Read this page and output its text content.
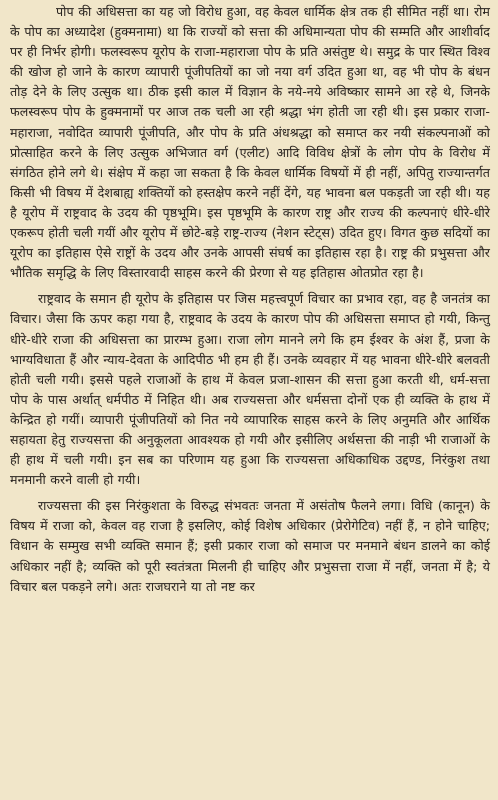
पोप की अधिसत्ता का यह जो विरोध हुआ, वह केवल धार्मिक क्षेत्र तक ही सीमित नहीं था। रोम के पोप का अध्यादेश (हुक्मनामा) था कि राज्यों को सत्ता की अधिमान्यता पोप की सम्मति और आशीर्वाद पर ही निर्भर होगी। फलस्वरूप यूरोप के राजा-महाराजा पोप के प्रति असंतुष्ट थे। समुद्र के पार स्थित विश्व की खोज हो जाने के कारण व्यापारी पूंजीपतियों का जो नया वर्ग उदित हुआ था, वह भी पोप के बंधन तोड़ देने के लिए उत्सुक था। ठीक इसी काल में विज्ञान के नये-नये अविष्कार सामने आ रहे थे, जिनके फलस्वरूप पोप के हुक्मनामों पर आज तक चली आ रही श्रद्धा भंग होती जा रही थी। इस प्रकार राजा-महाराजा, नवोदित व्यापारी पूंजीपति, और पोप के प्रति अंधश्रद्धा को समाप्त कर नयी संकल्पनाओं को प्रोत्साहित करने के लिए उत्सुक अभिजात वर्ग (एलीट) आदि विविध क्षेत्रों के लोग पोप के विरोध में संगठित होने लगे थे। संक्षेप में कहा जा सकता है कि केवल धार्मिक विषयों में ही नहीं, अपितु राज्यान्तर्गत किसी भी विषय में देशबाह्य शक्तियों को हस्तक्षेप करने नहीं देंगे, यह भावना बल पकड़ती जा रही थी। यह है यूरोप में राष्ट्रवाद के उदय की पृष्ठभूमि। इस पृष्ठभूमि के कारण राष्ट्र और राज्य की कल्पनाएं धीरे-धीरे एकरूप होती चली गयीं और यूरोप में छोटे-बड़े राष्ट्र-राज्य (नेशन स्टेट्स) उदित हुए। विगत कुछ सदियों का यूरोप का इतिहास ऐसे राष्ट्रों के उदय और उनके आपसी संघर्ष का इतिहास रहा है। राष्ट्र की प्रभुसत्ता और भौतिक समृद्धि के लिए विस्तारवादी साहस करने की प्रेरणा से यह इतिहास ओतप्रोत रहा है।

राष्ट्रवाद के समान ही यूरोप के इतिहास पर जिस महत्त्वपूर्ण विचार का प्रभाव रहा, वह है जनतंत्र का विचार। जैसा कि ऊपर कहा गया है, राष्ट्रवाद के उदय के कारण पोप की अधिसत्ता समाप्त हो गयी, किन्तु धीरे-धीरे राजा की अधिसत्ता का प्रारम्भ हुआ। राजा लोग मानने लगे कि हम ईश्वर के अंश हैं, प्रजा के भाग्यविधाता हैं और न्याय-देवता के आदिपीठ भी हम ही हैं। उनके व्यवहार में यह भावना धीरे-धीरे बलवती होती चली गयी। इससे पहले राजाओं के हाथ में केवल प्रजा-शासन की सत्ता हुआ करती थी, धर्म-सत्ता पोप के पास अर्थात् धर्मपीठ में निहित थी। अब राज्यसत्ता और धर्मसत्ता दोनों एक ही व्यक्ति के हाथ में केन्द्रित हो गयीं। व्यापारी पूंजीपतियों को नित नये व्यापारिक साहस करने के लिए अनुमति और आर्थिक सहायता हेतु राज्यसत्ता की अनुकूलता आवश्यक हो गयी और इसीलिए अर्थसत्ता की नाड़ी भी राजाओं के ही हाथ में चली गयी। इन सब का परिणाम यह हुआ कि राज्यसत्ता अधिकाधिक उद्दण्ड, निरंकुश तथा मनमानी करने वाली हो गयी।

राज्यसत्ता की इस निरंकुशता के विरुद्ध संभवतः जनता में असंतोष फैलने लगा। विधि (कानून) के विषय में राजा को, केवल वह राजा है इसलिए, कोई विशेष अधिकार (प्रेरोगेटिव) नहीं हैं, न होने चाहिए; विधान के सम्मुख सभी व्यक्ति समान हैं; इसी प्रकार राजा को समाज पर मनमाने बंधन डालने का कोई अधिकार नहीं है; व्यक्ति को पूरी स्वतंत्रता मिलनी ही चाहिए और प्रभुसत्ता राजा में नहीं, जनता में है; ये विचार बल पकड़ने लगे। अतः राजघराने या तो नष्ट कर
